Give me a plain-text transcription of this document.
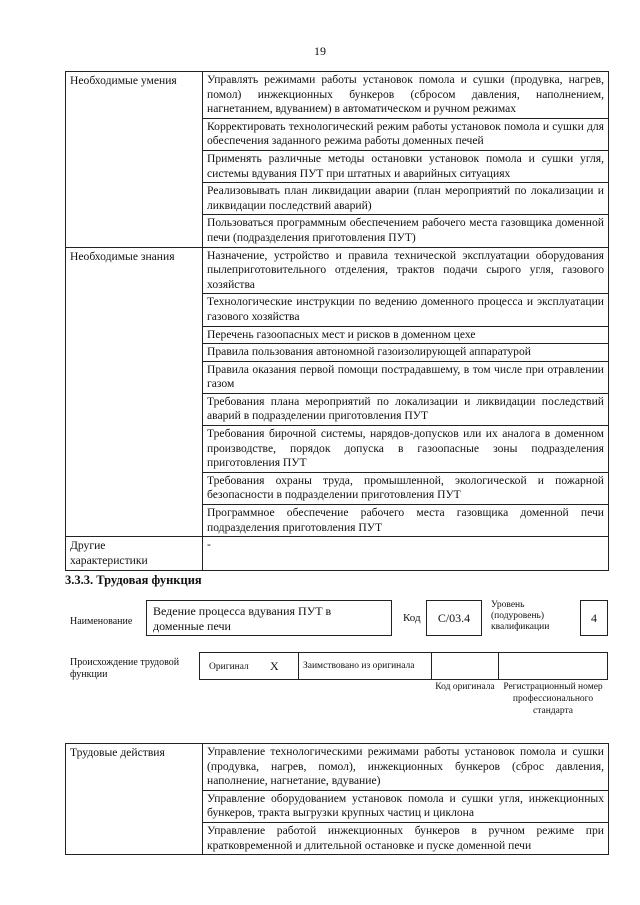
19
Необходимые умения	Управлять режимами работы установок помола и сушки (продувка, нагрев, помол) инжекционных бункеров (сбросом давления, наполнением, нагнетанием, вдуванием) в автоматическом и ручном режимах
	Корректировать технологический режим работы установок помола и сушки для обеспечения заданного режима работы доменных печей
	Применять различные методы остановки установок помола и сушки угля, системы вдувания ПУТ при штатных и аварийных ситуациях
	Реализовывать план ликвидации аварии (план мероприятий по локализации и ликвидации последствий аварий)
	Пользоваться программным обеспечением рабочего места газовщика доменной печи (подразделения приготовления ПУТ)
Необходимые знания	Назначение, устройство и правила технической эксплуатации оборудования пылеприготовительного отделения, трактов подачи сырого угля, газового хозяйства
	Технологические инструкции по ведению доменного процесса и эксплуатации газового хозяйства
	Перечень газоопасных мест и рисков в доменном цехе
	Правила пользования автономной газоизолирующей аппаратурой
	Правила оказания первой помощи пострадавшему, в том числе при отравлении газом
	Требования плана мероприятий по локализации и ликвидации последствий аварий в подразделении приготовления ПУТ
	Требования бирочной системы, нарядов-допусков или их аналога в доменном производстве, порядок допуска в газоопасные зоны подразделения приготовления ПУТ
	Требования охраны труда, промышленной, экологической и пожарной безопасности в подразделении приготовления ПУТ
	Программное обеспечение рабочего места газовщика доменной печи подразделения приготовления ПУТ

Другие характеристики	-
3.3.3. Трудовая функция
Наименование
Ведение процесса вдувания ПУТ в доменные печи
Код С/03.4
Уровень (подуровень) квалификации
4
Происхождение трудовой функции
Оригинал X	Заимствовано из оригинала
Код оригинала Регистрационный номер профессионального стандарта
Трудовые действия	Управление технологическими режимами работы установок помола и сушки (продувка, нагрев, помол), инжекционных бункеров (сброс давления, наполнение, нагнетание, вдувание)
Управление оборудованием установок помола и сушки угля, инжекционных бункеров, тракта выгрузки крупных частиц и циклона
Управление работой инжекционных бункеров в ручном режиме при кратковременной и длительной остановке и пуске доменной печи
